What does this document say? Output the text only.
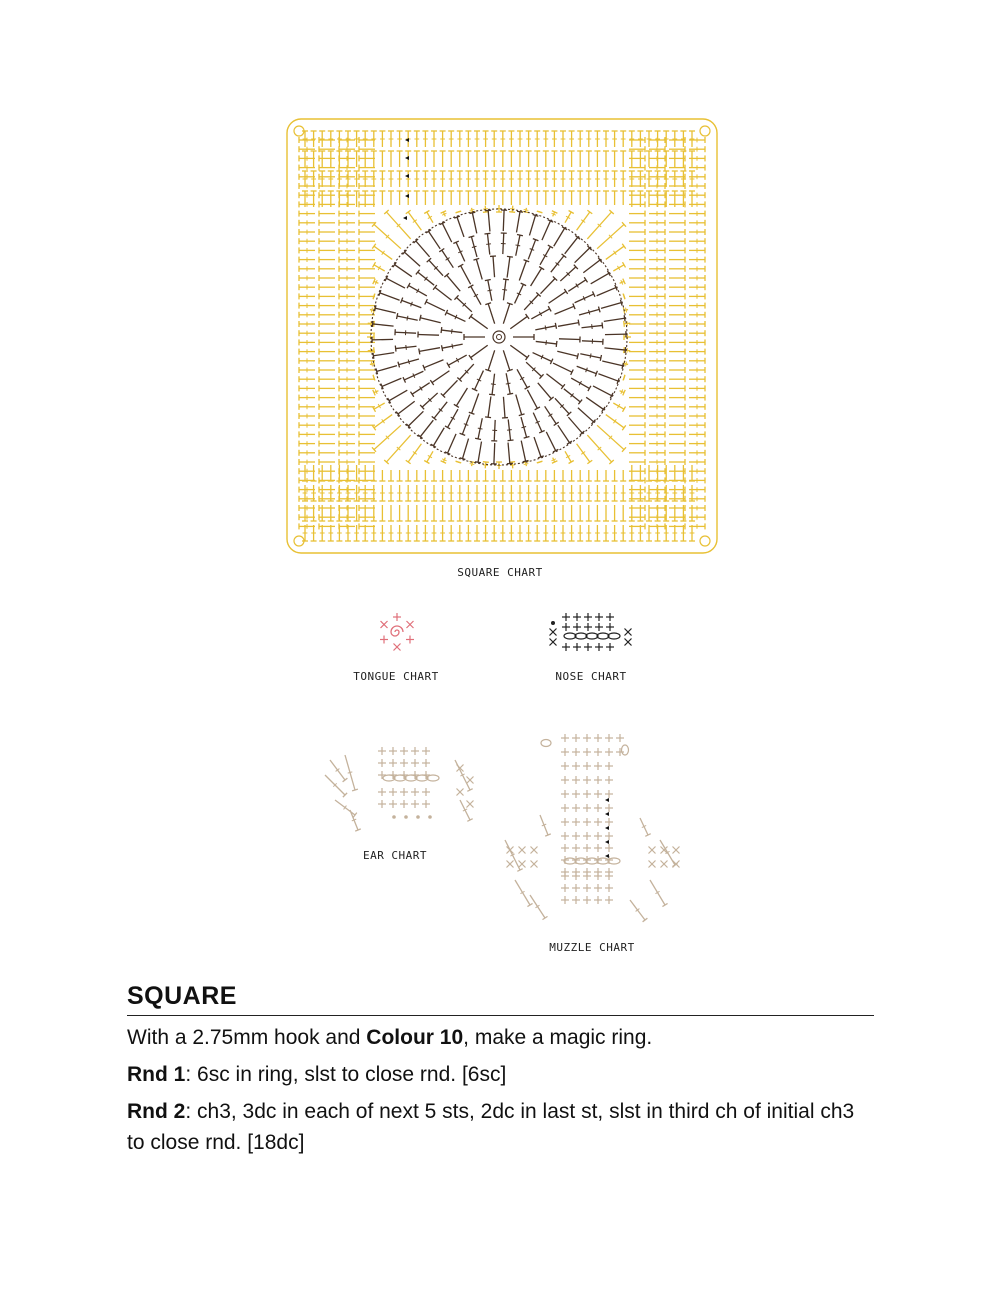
SQUARE CHART
TONGUE CHART	NOSE CHART
EAR CHART
MUZZLE CHART
SQUARE

With a 2.75mm hook and Colour 10, make a magic ring.

Rnd 1: 6sc in ring, slst to close rnd. [6sc]

Rnd 2: ch3, 3dc in each of next 5 sts, 2dc in last st, slst in third ch of initial ch3 to close rnd. [18dc]
